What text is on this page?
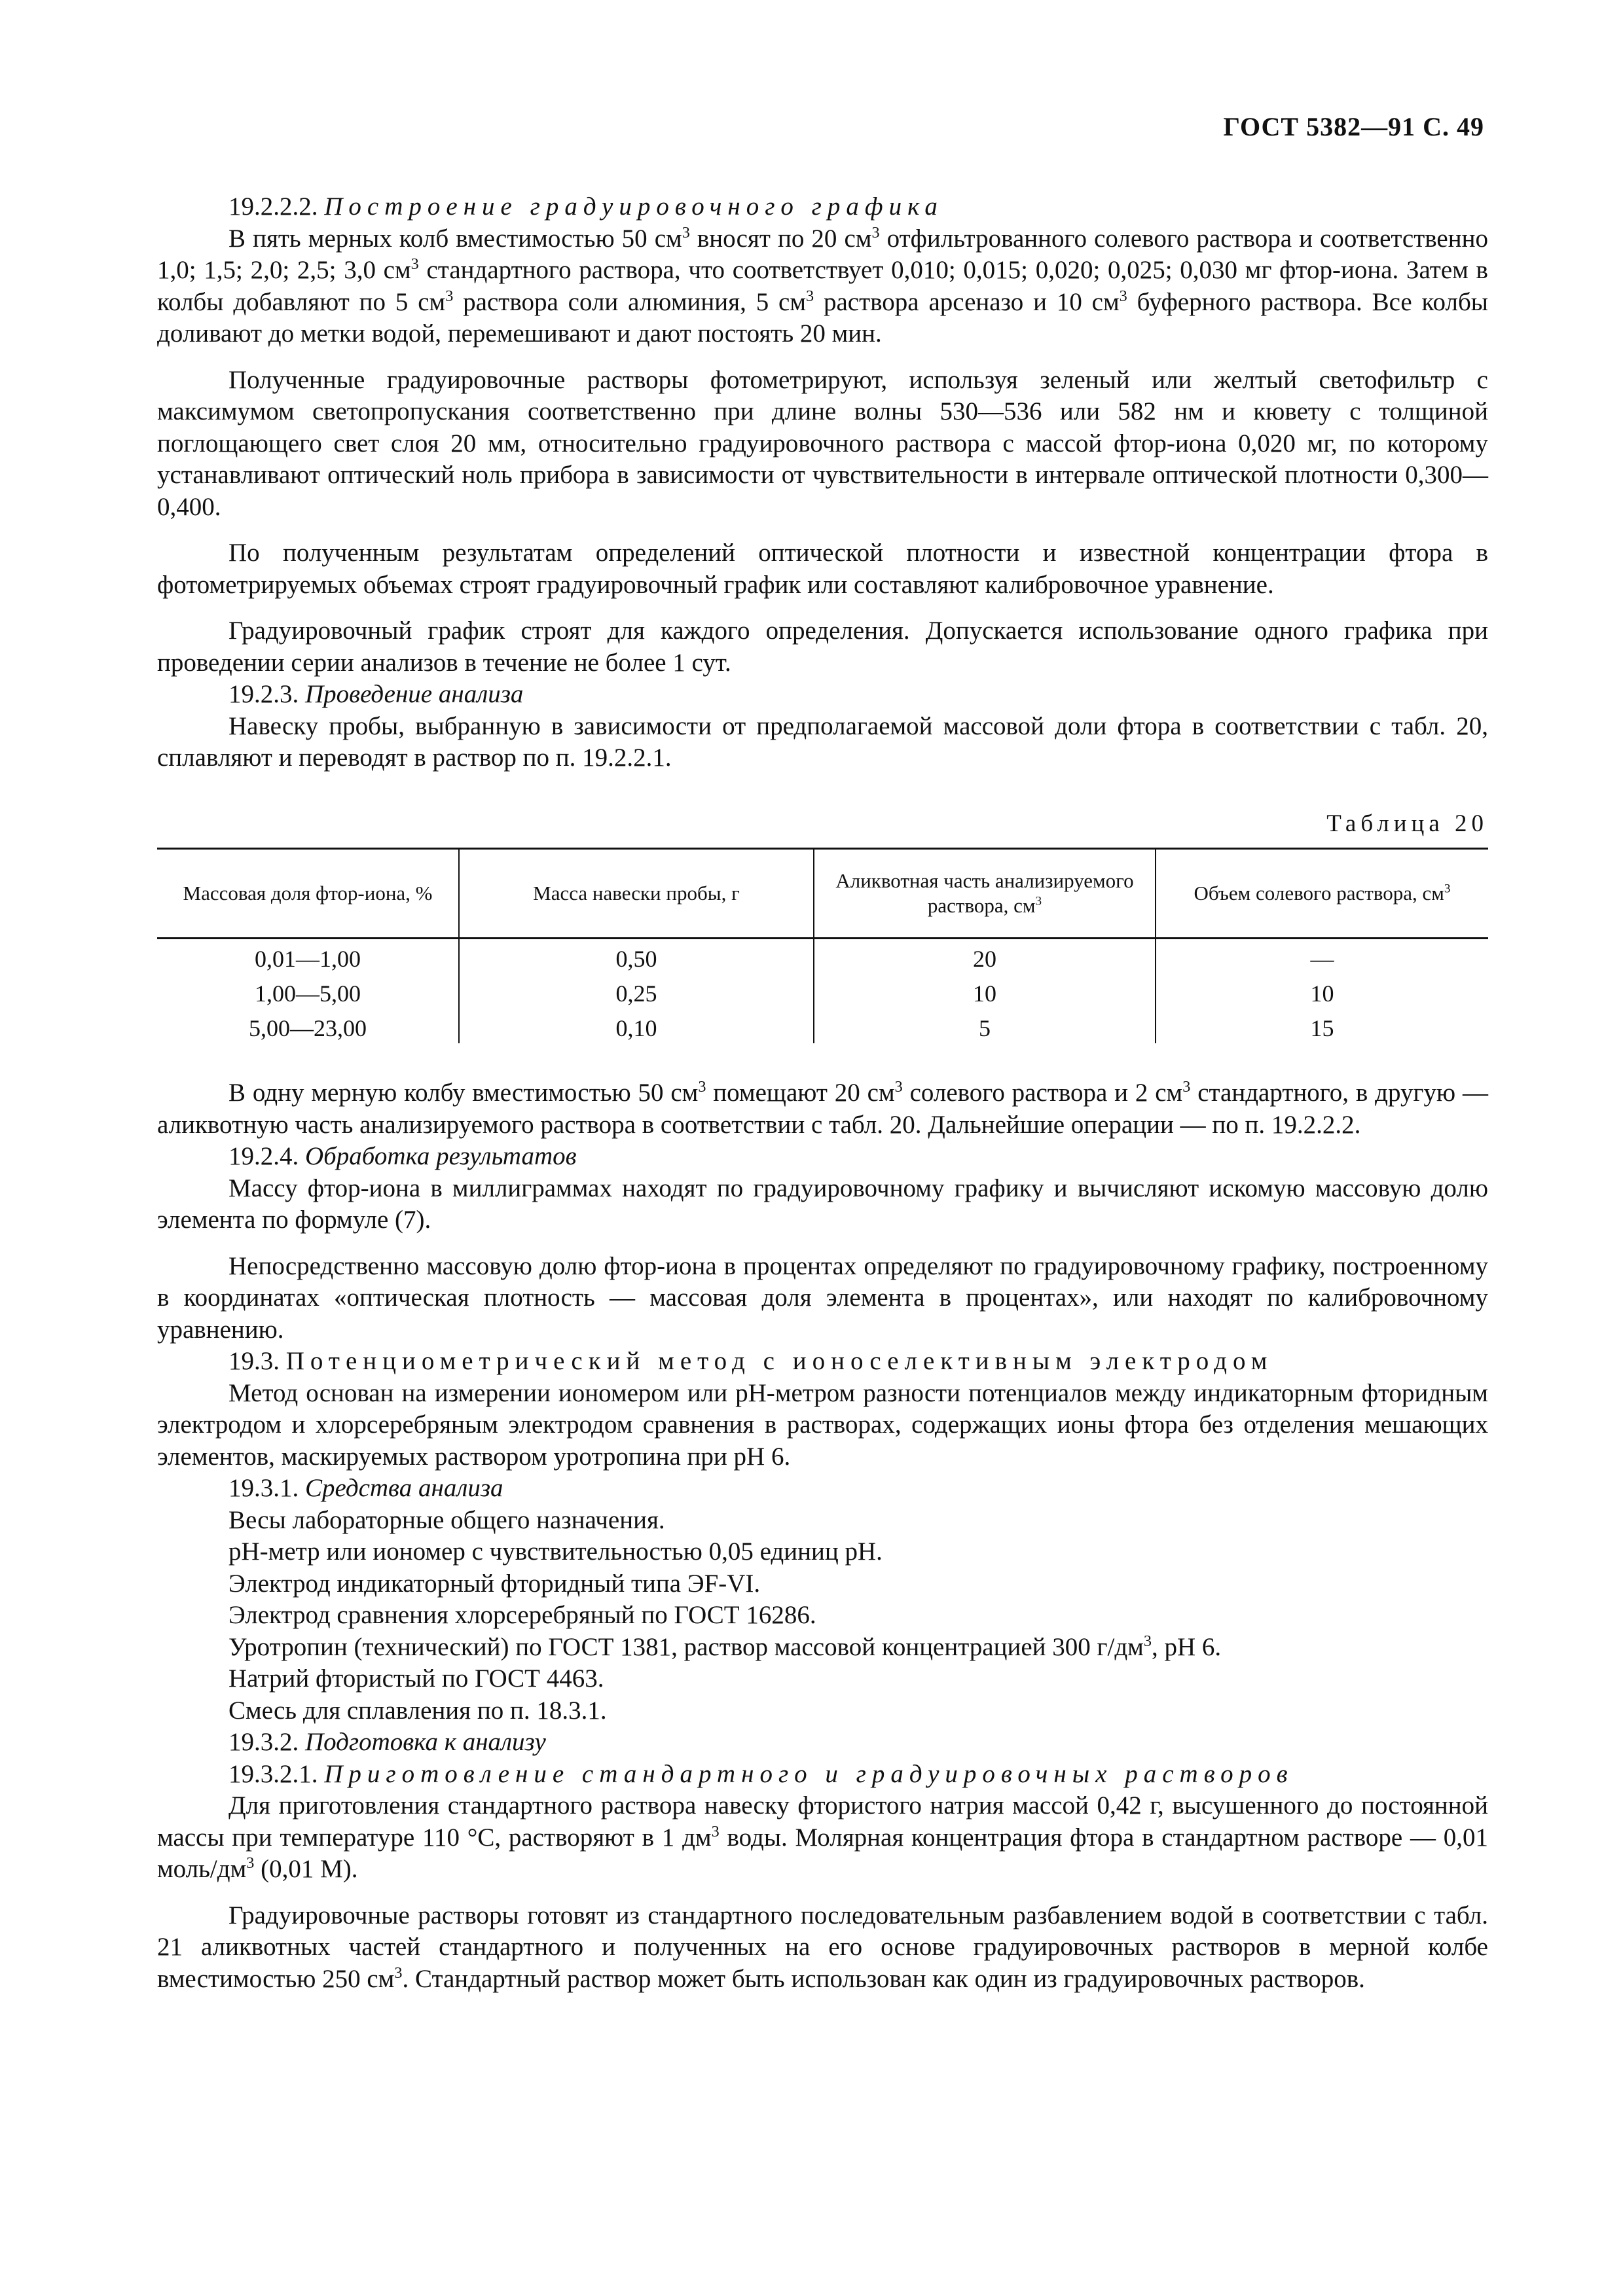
ГОСТ 5382—91 С. 49

19.2.2.2. Построение градуировочного графика

В пять мерных колб вместимостью 50 $см^3$ вносят по 20 $см^3$ отфильтрованного солевого раствора и соответственно 1,0; 1,5; 2,0; 2,5; 3,0 $см^3$ стандартного раствора, что соответствует 0,010; 0,015; 0,020; 0,025; 0,030 мг фтор-иона. Затем в колбы добавляют по 5 $см^3$ раствора соли алюминия, 5 $см^3$ раствора арсеназо и 10 $см^3$ буферного раствора. Все колбы доливают до метки водой, перемешивают и дают постоять 20 мин.

Полученные градуировочные растворы фотометрируют, используя зеленый или желтый светофильтр с максимумом светопропускания соответственно при длине волны 530—536 или 582 нм и кювету с толщиной поглощающего свет слоя 20 мм, относительно градуировочного раствора с массой фтор-иона 0,020 мг, по которому устанавливают оптический ноль прибора в зависимости от чувствительности в интервале оптической плотности 0,300—0,400.

По полученным результатам определений оптической плотности и известной концентрации фтора в фотометрируемых объемах строят градуировочный график или составляют калибровочное уравнение.

Градуировочный график строят для каждого определения. Допускается использование одного графика при проведении серии анализов в течение не более 1 сут.

19.2.3. Проведение анализа

Навеску пробы, выбранную в зависимости от предполагаемой массовой доли фтора в соответствии с табл. 20, сплавляют и переводят в раствор по п. 19.2.2.1.

Таблица 20
Массовая доля фтор-иона, %	Масса навески пробы, г	Аликвотная часть анализируемого раствора, $см^3$	Объем солевого раствора, $см^3$
0,01—1,00	0,50	20	—
1,00—5,00	0,25	10	10
5,00—23,00	0,10	5	15

В одну мерную колбу вместимостью 50 $см^3$ помещают 20 $см^3$ солевого раствора и 2 $см^3$ стандартного, в другую — аликвотную часть анализируемого раствора в соответствии с табл. 20. Дальнейшие операции — по п. 19.2.2.2.

19.2.4. Обработка результатов

Массу фтор-иона в миллиграммах находят по градуировочному графику и вычисляют искомую массовую долю элемента по формуле (7).

Непосредственно массовую долю фтор-иона в процентах определяют по градуировочному графику, построенному в координатах «оптическая плотность — массовая доля элемента в процентах», или находят по калибровочному уравнению.

19.3. Потенциометрический метод с ионоселективным электродом

Метод основан на измерении иономером или pH-метром разности потенциалов между индикаторным фторидным электродом и хлорсеребряным электродом сравнения в растворах, содержащих ионы фтора без отделения мешающих элементов, маскируемых раствором уротропина при pH 6.

19.3.1. Средства анализа

Весы лабораторные общего назначения.

pH-метр или иономер с чувствительностью 0,05 единиц pH.

Электрод индикаторный фторидный типа ЭF-VI.

Электрод сравнения хлорсеребряный по ГОСТ 16286.

Уротропин (технический) по ГОСТ 1381, раствор массовой концентрацией 300 $г/дм^3$, pH 6.

Натрий фтористый по ГОСТ 4463.

Смесь для сплавления по п. 18.3.1.

19.3.2. Подготовка к анализу

19.3.2.1. Приготовление стандартного и градуировочных растворов

Для приготовления стандартного раствора навеску фтористого натрия массой 0,42 г, высушенного до постоянной массы при температуре 110 °С, растворяют в 1 $дм^3$ воды. Молярная концентрация фтора в стандартном растворе — 0,01 моль/$дм^3$ (0,01 М).

Градуировочные растворы готовят из стандартного последовательным разбавлением водой в соответствии с табл. 21 аликвотных частей стандартного и полученных на его основе градуировочных растворов в мерной колбе вместимостью 250 $см^3$. Стандартный раствор может быть использован как один из градуировочных растворов.
